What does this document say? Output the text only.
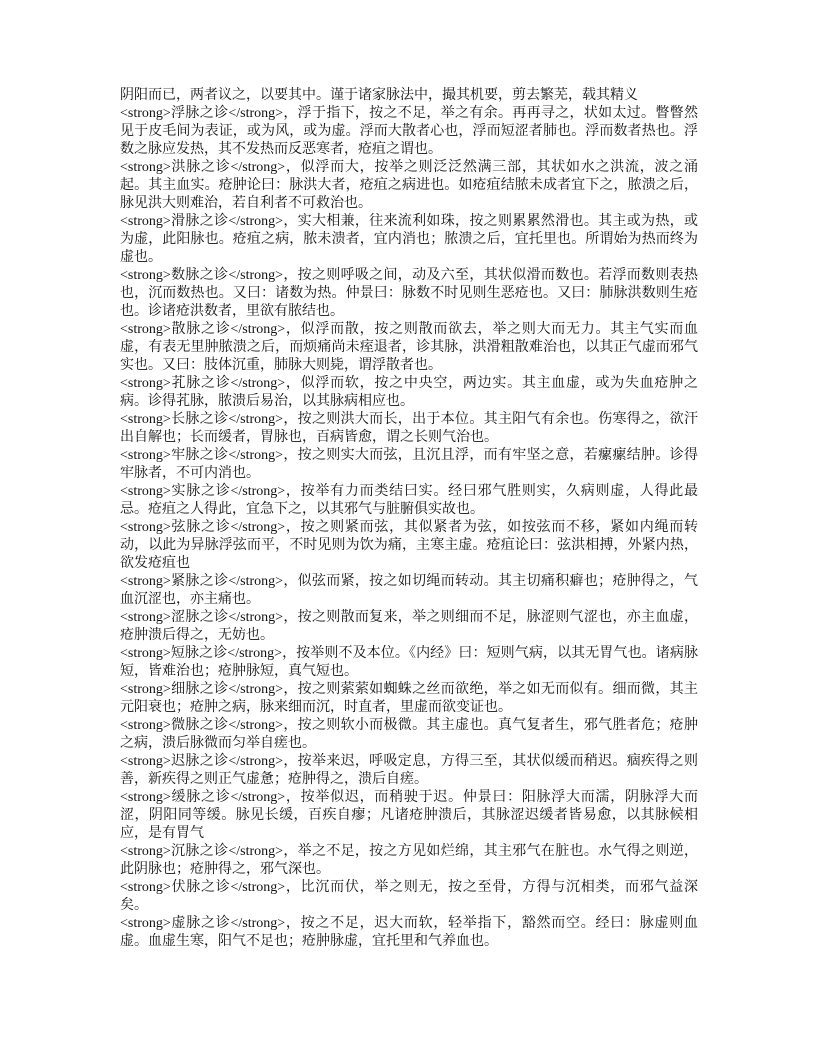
阴阳而已，两者议之，以要其中。谨于诸家脉法中，撮其机要，剪去繁芜，载其精义

<strong>浮脉之诊</strong>，浮于指下，按之不足，举之有余。再再寻之，状如太过。瞥瞥然见于皮毛间为表证，或为风，或为虚。浮而大散者心也，浮而短涩者肺也。浮而数者热也。浮数之脉应发热，其不发热而反恶寒者，疮疽之谓也。

<strong>洪脉之诊</strong>，似浮而大，按举之则泛泛然满三部，其状如水之洪流，波之涌起。其主血实。疮肿论曰：脉洪大者，疮疽之病进也。如疮疽结脓未成者宜下之，脓溃之后，脉见洪大则难治，若自利者不可救治也。

<strong>滑脉之诊</strong>，实大相兼，往来流利如珠，按之则累累然滑也。其主或为热，或为虚，此阳脉也。疮疽之病，脓未溃者，宜内消也；脓溃之后，宜托里也。所谓始为热而终为虚也。

<strong>数脉之诊</strong>，按之则呼吸之间，动及六至，其状似滑而数也。若浮而数则表热也，沉而数热也。又曰：诸数为热。仲景曰：脉数不时见则生恶疮也。又曰：肺脉洪数则生疮也。诊诸疮洪数者，里欲有脓结也。

<strong>散脉之诊</strong>，似浮而散，按之则散而欲去，举之则大而无力。其主气实而血虚，有表无里肿脓溃之后，而烦痛尚未痓退者，诊其脉，洪滑粗散难治也，以其正气虚而邪气实也。又曰：肢体沉重，肺脉大则毙，谓浮散者也。

<strong>芤脉之诊</strong>，似浮而软，按之中央空，两边实。其主血虚，或为失血疮肿之病。诊得芤脉，脓溃后易治，以其脉病相应也。

<strong>长脉之诊</strong>，按之则洪大而长，出于本位。其主阳气有余也。伤寒得之，欲汗出自解也；长而缓者，胃脉也，百病皆愈，谓之长则气治也。

<strong>牢脉之诊</strong>，按之则实大而弦，且沉且浮，而有牢坚之意，若瘰瘰结肿。诊得牢脉者，不可内消也。

<strong>实脉之诊</strong>，按举有力而类结曰实。经曰邪气胜则实，久病则虚，人得此最忌。疮疽之人得此，宜急下之，以其邪气与脏腑俱实故也。

<strong>弦脉之诊</strong>，按之则紧而弦，其似紧者为弦，如按弦而不移，紧如内绳而转动，以此为异脉浮弦而平，不时见则为饮为痛，主寒主虚。疮疽论曰：弦洪相搏，外紧内热，欲发疮疽也

<strong>紧脉之诊</strong>，似弦而紧，按之如切绳而转动。其主切痛积癖也；疮肿得之，气血沉涩也，亦主痛也。

<strong>涩脉之诊</strong>，按之则散而复来，举之则细而不足，脉涩则气涩也，亦主血虚，疮肿溃后得之，无妨也。

<strong>短脉之诊</strong>，按举则不及本位。《内经》曰：短则气病，以其无胃气也。诸病脉短，皆难治也；疮肿脉短，真气短也。

<strong>细脉之诊</strong>，按之则萦萦如蜘蛛之丝而欲绝，举之如无而似有。细而微，其主元阳衰也；疮肿之病，脉来细而沉，时直者，里虚而欲变证也。

<strong>微脉之诊</strong>，按之则软小而极微。其主虚也。真气复者生，邪气胜者危；疮肿之病，溃后脉微而匀举自瘥也。

<strong>迟脉之诊</strong>，按举来迟，呼吸定息，方得三至，其状似缓而稍迟。痼疾得之则善，新疾得之则正气虚惫；疮肿得之，溃后自瘥。

<strong>缓脉之诊</strong>，按举似迟，而稍驶于迟。仲景曰：阳脉浮大而濡，阴脉浮大而涩，阴阳同等缓。脉见长缓，百疾自瘳；凡诸疮肿溃后，其脉涩迟缓者皆易愈，以其脉候相应，是有胃气

<strong>沉脉之诊</strong>，举之不足，按之方见如烂绵，其主邪气在脏也。水气得之则逆，此阴脉也；疮肿得之，邪气深也。

<strong>伏脉之诊</strong>，比沉而伏，举之则无，按之至骨，方得与沉相类，而邪气益深矣。

<strong>虚脉之诊</strong>，按之不足，迟大而软，轻举指下，豁然而空。经曰：脉虚则血虚。血虚生寒，阳气不足也；疮肿脉虚，宜托里和气养血也。
